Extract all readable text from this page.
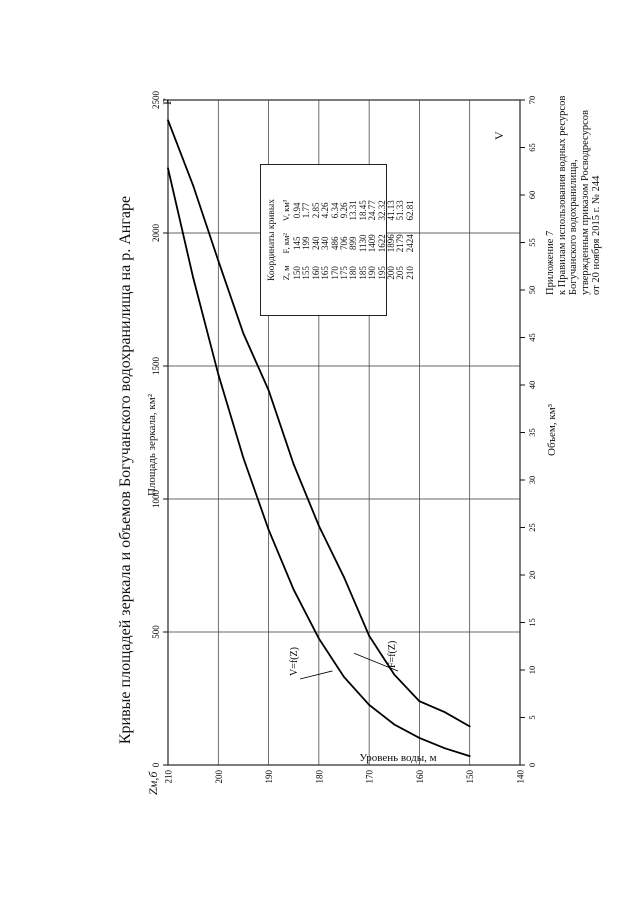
Приложение 7 к Правилам использования водных ресурсов Богучанского водохранилища, утвержденным приказом Росводресурсов от 20 ноября 2015 г. № 244
Кривые площадей зеркала и объемов Богучанского водохранилища на р. Ангаре
0
500
1000
1500
2000
2500
0
5
10
15
20
25
30
35
40
45
50
55
60
65
70
140
150
160
170
180
190
200
210
F=f(Z)
V=f(Z)
Площадь зеркала, км²	Объем, км³
Уровень воды, м
Zм,б
F
V
Координаты кривых Z, м	F, км²	V, км³
150	145	0.94
155	199	1.77
160	240	2.85
165	340	4.26
170	486	6.34
175	706	9.26
180	899	13.31
185	1130	18.45
190	1409	24.77
195	1622	32.32
200	1896	41.13
205	2179	51.33
210	2424	62.81
